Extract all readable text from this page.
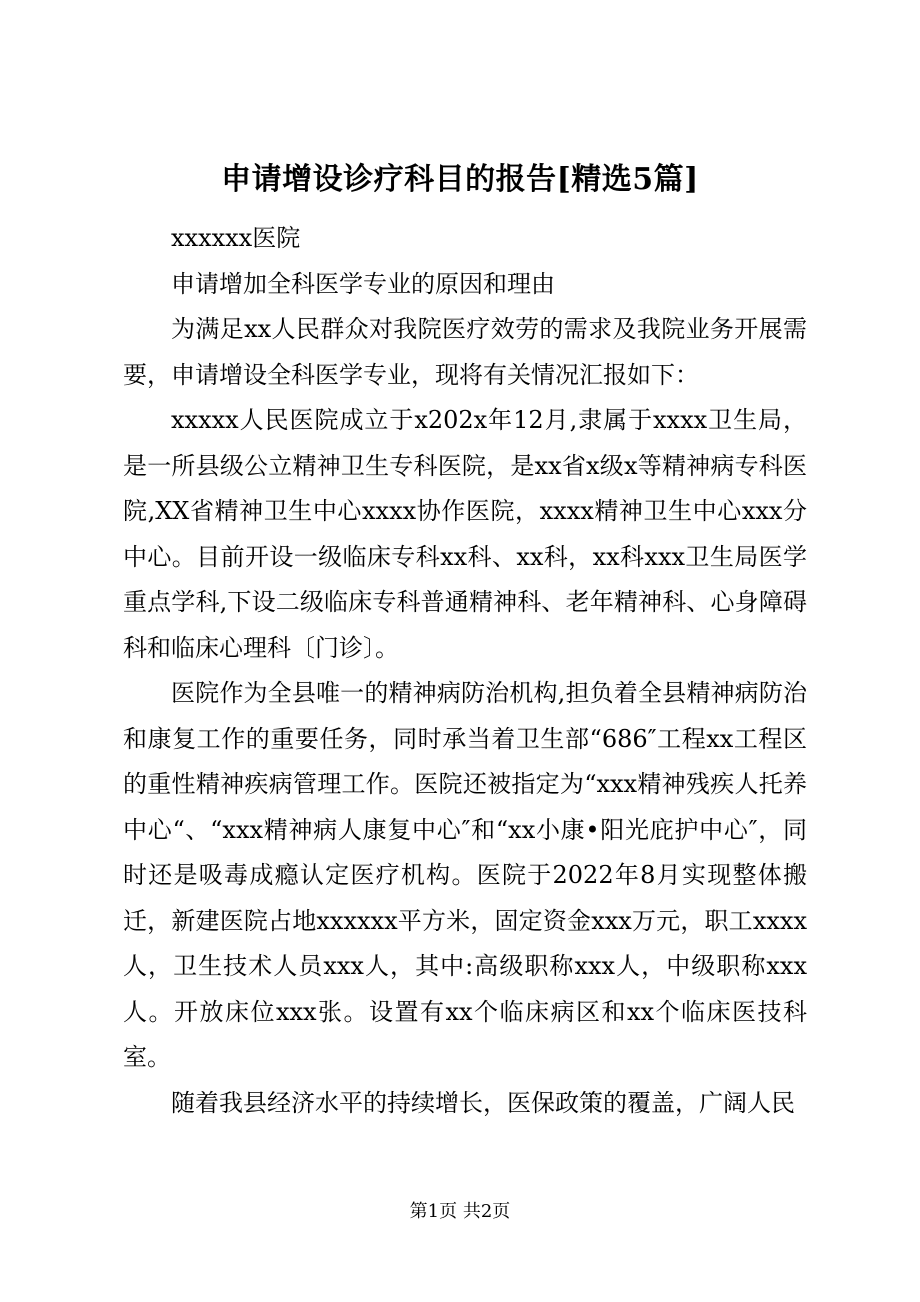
申请增设诊疗科目的报告[精选5篇]

xxxxxx医院

申请增加全科医学专业的原因和理由

为满足xx人民群众对我院医疗效劳的需求及我院业务开展需要，申请增设全科医学专业，现将有关情况汇报如下：

xxxxx人民医院成立于x202x年12月,隶属于xxxx卫生局，是一所县级公立精神卫生专科医院，是xx省x级x等精神病专科医院,XX省精神卫生中心xxxx协作医院，xxxx精神卫生中心xxx分中心。目前开设一级临床专科xx科、xx科，xx科xxx卫生局医学重点学科,下设二级临床专科普通精神科、老年精神科、心身障碍科和临床心理科〔门诊〕。

医院作为全县唯一的精神病防治机构,担负着全县精神病防治和康复工作的重要任务，同时承当着卫生部“686″工程xx工程区的重性精神疾病管理工作。医院还被指定为“xxx精神残疾人托养中心“、“xxx精神病人康复中心″和“xx小康•阳光庇护中心″，同时还是吸毒成瘾认定医疗机构。医院于2022年8月实现整体搬迁，新建医院占地xxxxxx平方米，固定资金xxx万元，职工xxxx人，卫生技术人员xxx人，其中:高级职称xxx人，中级职称xxx人。开放床位xxx张。设置有xx个临床病区和xx个临床医技科室。

随着我县经济水平的持续增长，医保政策的覆盖，广阔人民

第1页 共2页
